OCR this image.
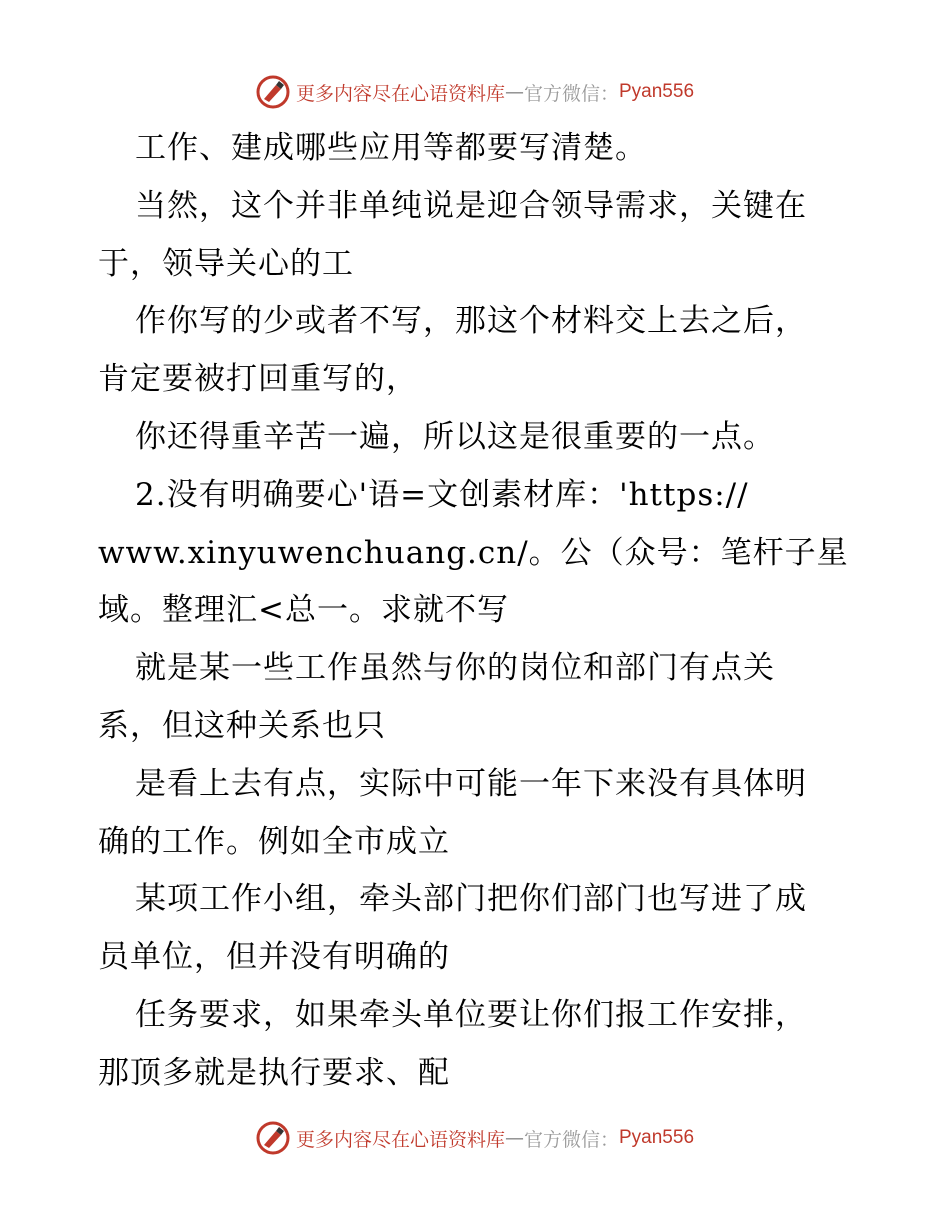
更多内容尽在心语资料库 — 官方微信： Pyan556
工作、建成哪些应用等都要写清楚。
当然，这个并非单纯说是迎合领导需求，关键在
于，领导关心的工
作你写的少或者不写，那这个材料交上去之后，
肯定要被打回重写的，
你还得重辛苦一遍，所以这是很重要的一点。
2.没有明确要心'语=文创素材库：'https://
www.xinyuwenchuang.cn/。公（众号：笔杆子星
域。整理汇<总一。求就不写
就是某一些工作虽然与你的岗位和部门有点关
系，但这种关系也只
是看上去有点，实际中可能一年下来没有具体明
确的工作。例如全市成立
某项工作小组，牵头部门把你们部门也写进了成
员单位，但并没有明确的
任务要求，如果牵头单位要让你们报工作安排，
那顶多就是执行要求、配
更多内容尽在心语资料库 — 官方微信： Pyan556
